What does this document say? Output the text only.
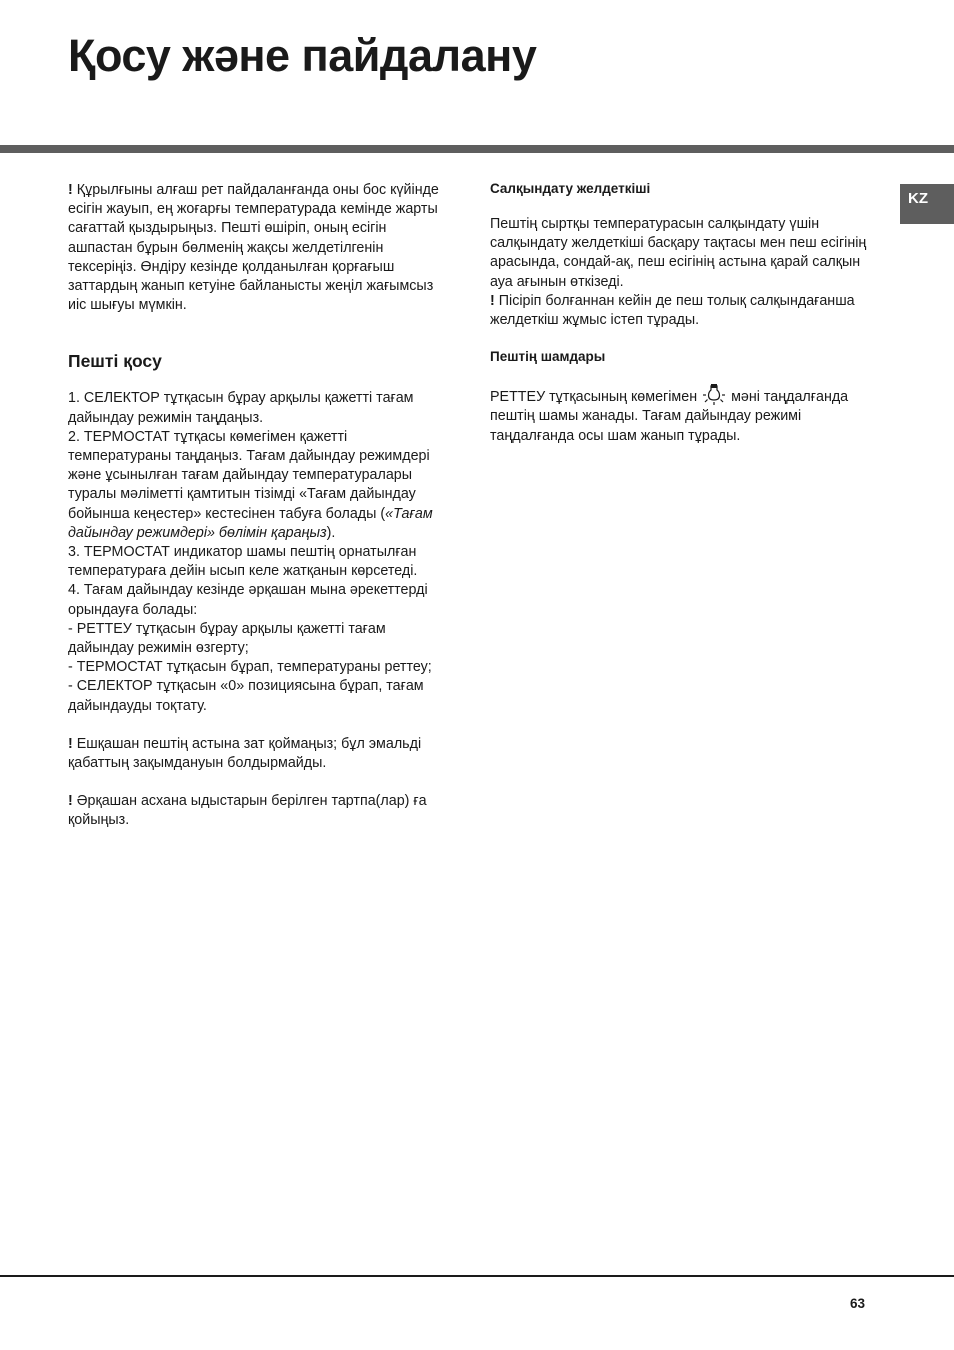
Қосу және пайдалану
KZ

! Құрылғыны алғаш рет пайдаланғанда оны бос күйінде есігін жауып, ең жоғарғы температурада кемінде жарты сағаттай қыздырыңыз. Пешті өшіріп, оның есігін ашпастан бұрын бөлменің жақсы желдетілгенін тексеріңіз. Өндіру кезінде қолданылған қорғағыш заттардың жанып кетуіне байланысты жеңіл жағымсыз иіс шығуы мүмкін.

Пешті қосу

1. СЕЛЕКТОР тұтқасын бұрау арқылы қажетті тағам дайындау режимін таңдаңыз.

2. ТЕРМОСТАТ тұтқасы көмегімен қажетті температураны таңдаңыз. Тағам дайындау режимдері және ұсынылған тағам дайындау температуралары туралы мәліметті қамтитын тізімді «Тағам дайындау бойынша кеңестер» кестесінен табуға болады («Тағам дайындау режимдері» бөлімін қараңыз).

3. ТЕРМОСТАТ индикатор шамы пештің орнатылған температураға дейін ысып келе жатқанын көрсетеді.

4. Тағам дайындау кезінде әрқашан мына әрекеттерді орындауға болады:

- РЕТТЕУ тұтқасын бұрау арқылы қажетті тағам дайындау режимін өзгерту;

- ТЕРМОСТАТ тұтқасын бұрап, температураны реттеу;

- СЕЛЕКТОР тұтқасын «0» позициясына бұрап, тағам дайындауды тоқтату.

! Ешқашан пештің астына зат қоймаңыз; бұл эмальді қабаттың зақымдануын болдырмайды.

! Әрқашан асхана ыдыстарын берілген тартпа(лар) ға қойыңыз.

Салқындату желдеткіші

Пештің сыртқы температурасын салқындату үшін салқындату желдеткіші басқару тақтасы мен пеш есігінің арасында, сондай-ақ, пеш есігінің астына қарай салқын ауа ағынын өткізеді.

! Пісіріп болғаннан кейін де пеш толық салқындағанша желдеткіш жұмыс істеп тұрады.

Пештің шамдары

РЕТТЕУ тұтқасының көмегімен мәні таңдалғанда пештің шамы жанады. Тағам дайындау режимі таңдалғанда осы шам жанып тұрады.

63
